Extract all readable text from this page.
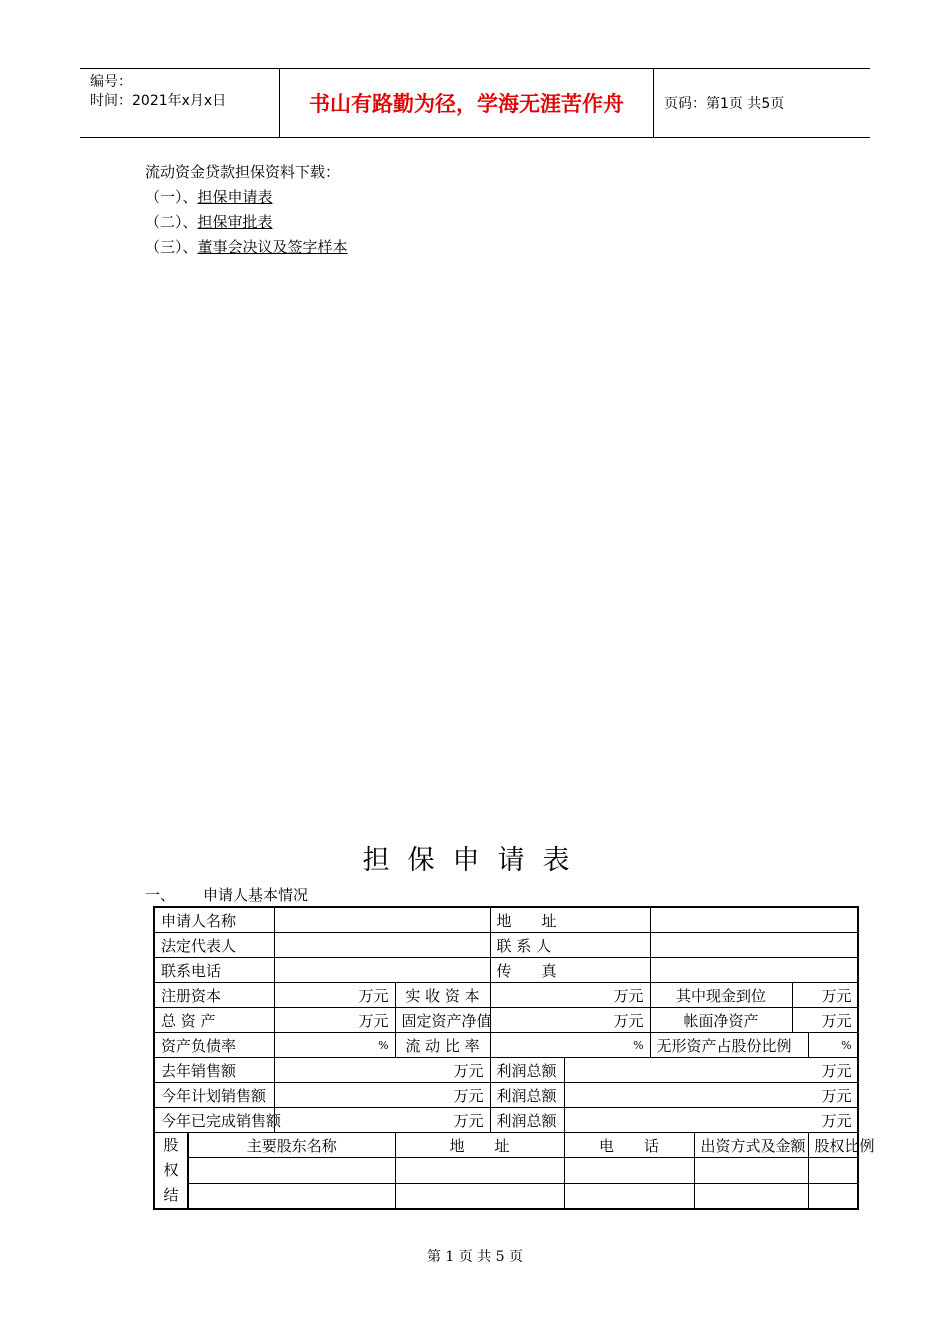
编号：
时间：2021年x月x日	书山有路勤为径，学海无涯苦作舟	页码：第1页 共5页
流动资金贷款担保资料下载：
（一）、担保申请表
（二）、担保审批表
（三）、董事会决议及签字样本
担保申请表
一、 申请人基本情况
申请人名称				地　　址					
法定代表人				联 系 人					
联系电话				传　　真					
注册资本		万元	实 收 资 本	万元		其中现金到位		万元	
总 资 产		万元	固定资产净值	万元		帐面净资产		万元	
资产负债率		%	流 动 比 率	%		无形资产占股份比例			%
去年销售额		万元		利润总额	万元				
今年计划销售额		万元		利润总额	万元				
今年已完成销售额		万元		利润总额	万元				

股权结	主要股东名称		地　　址		电　　话		出资方式及金额		股权比例

第 1 页 共 5 页
